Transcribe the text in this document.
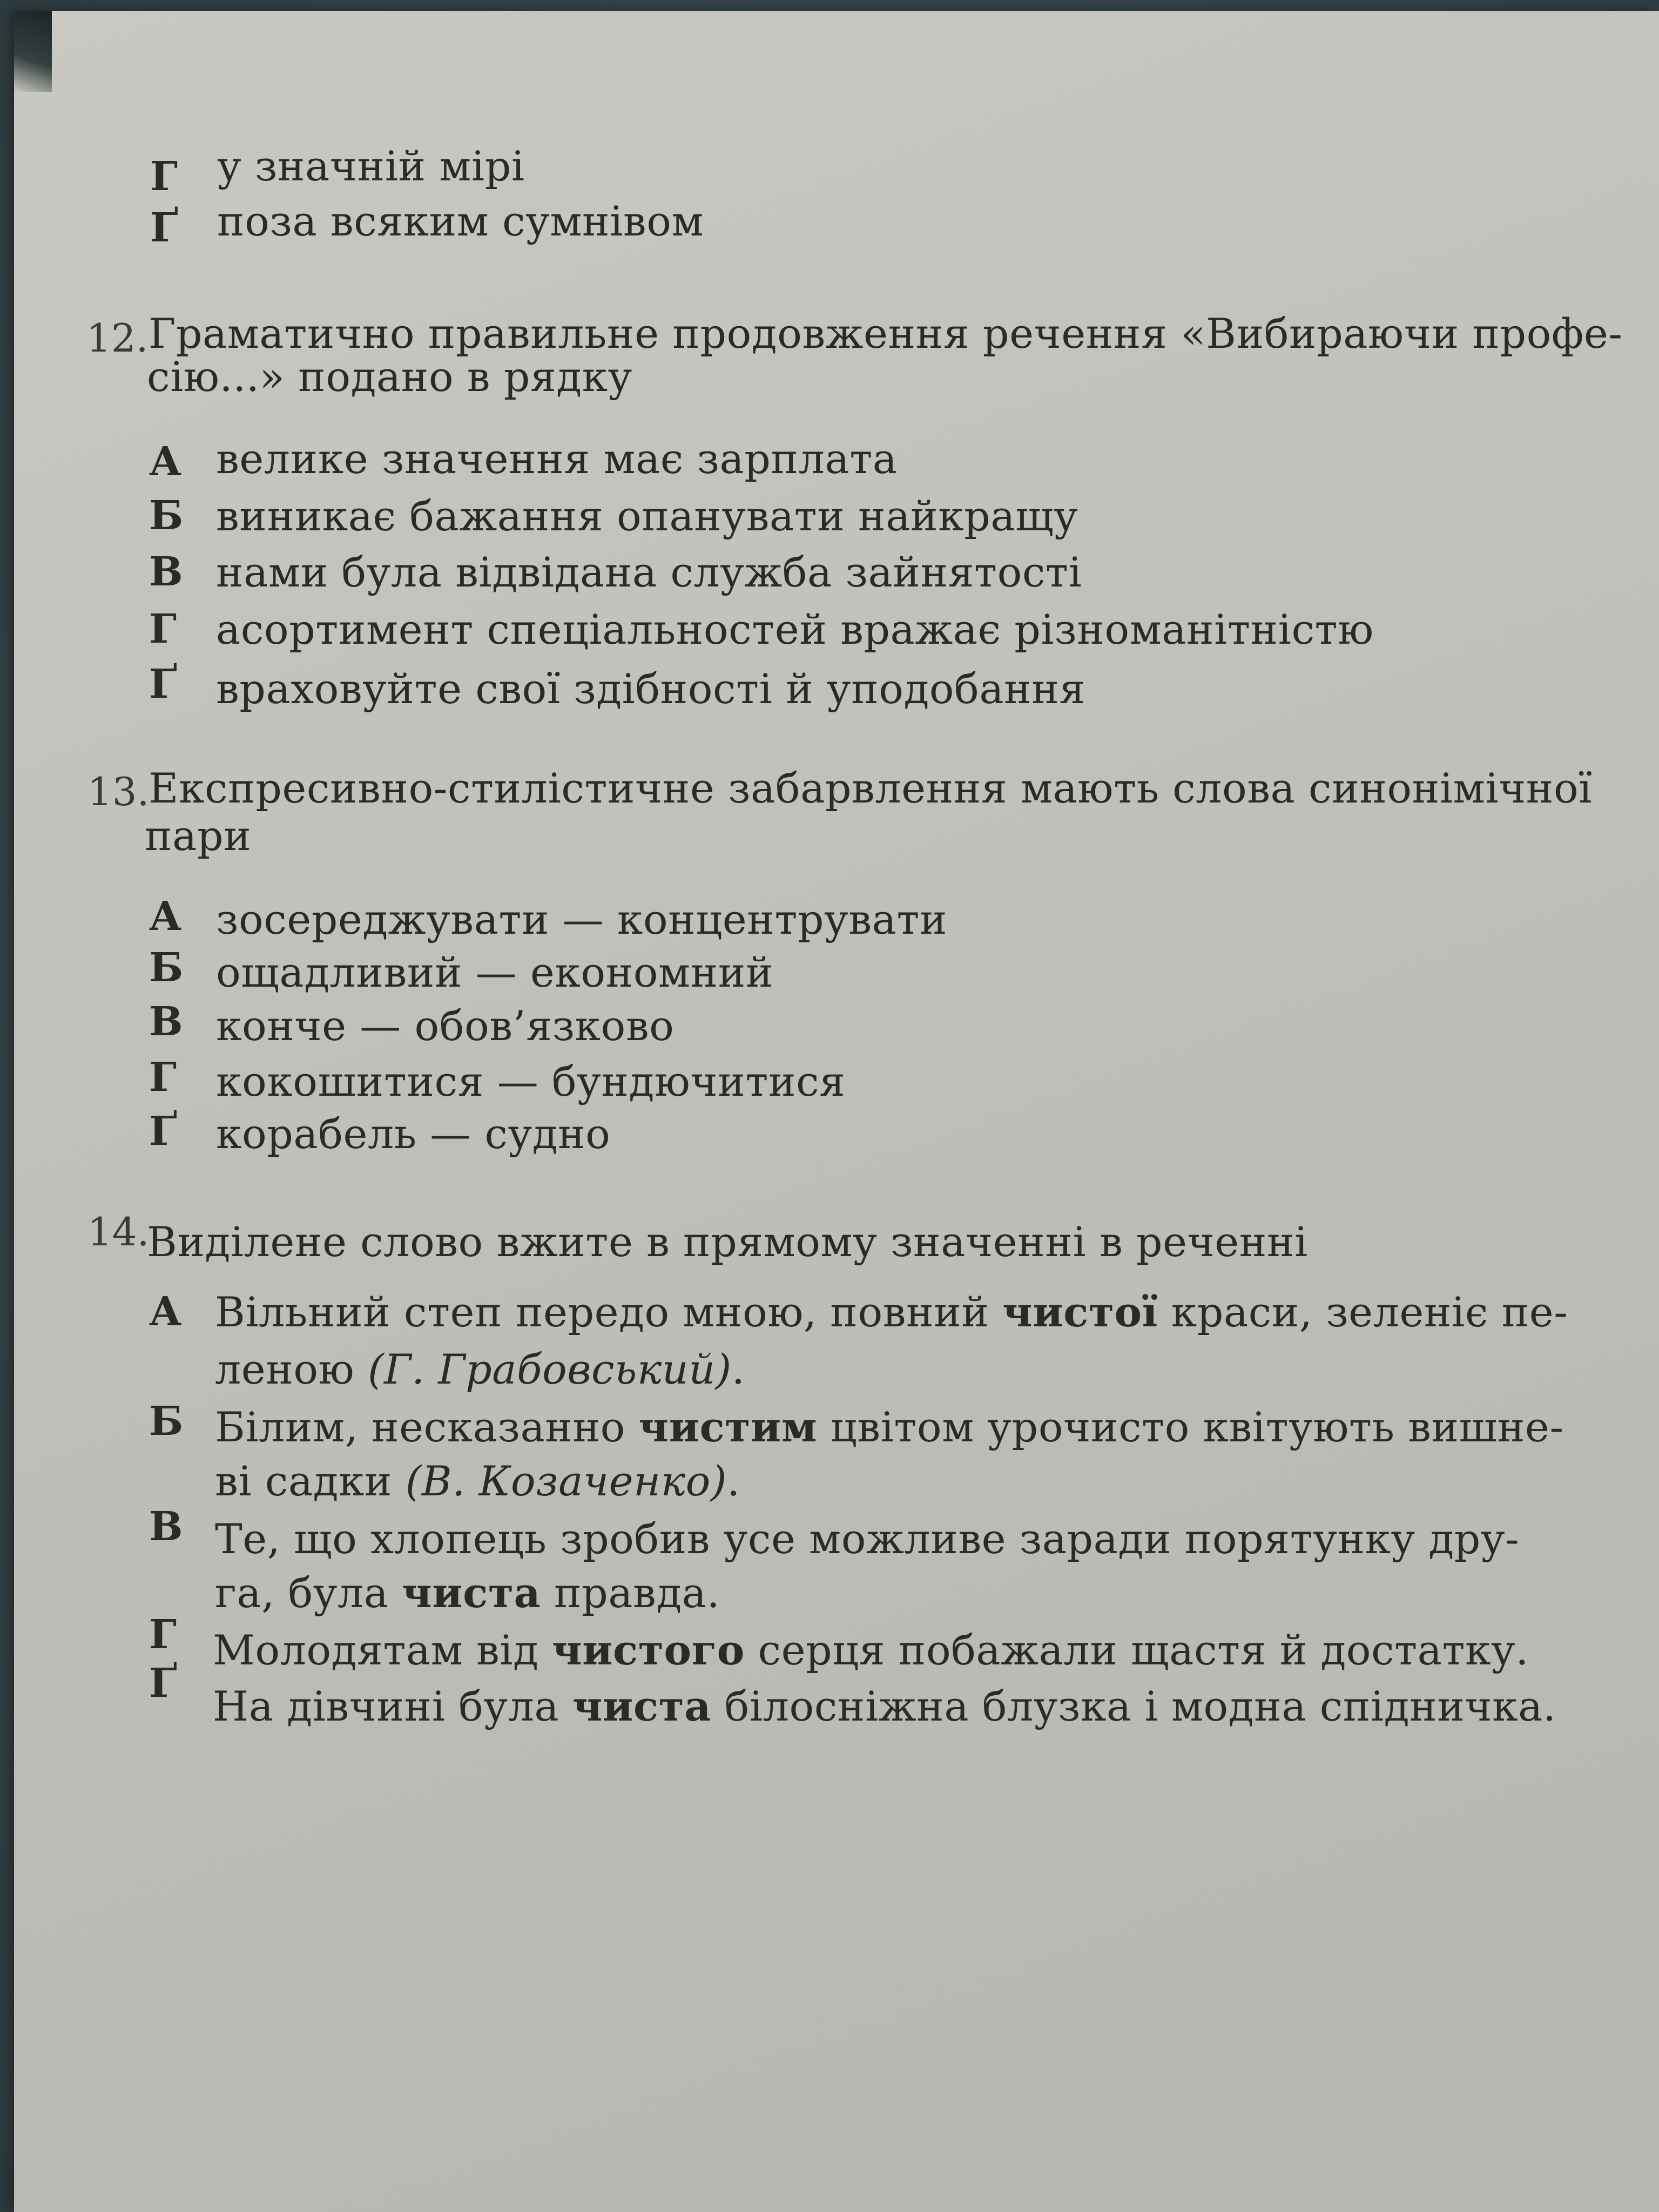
Г у значній мірі
Ґ поза всяким сумнівом
12. Граматично правильне продовження речення «Вибираючи профе-
сію...» подано в рядку
А велике значення має зарплата
Б виникає бажання опанувати найкращу
В нами була відвідана служба зайнятості
Г асортимент спеціальностей вражає різноманітністю
Ґ враховуйте свої здібності й уподобання
13.
Експресивно-стилістичне забарвлення мають слова синонімічної
пари
А зосереджувати — концентрувати
Б ощадливий — економний
В конче — обов’язково
Г кокошитися — бундючитися
Ґ корабель — судно
14.
Виділене слово вжите в прямому значенні в реченні
А Вільний степ передо мною, повний чистої краси, зеленіє пе-
леною (Г. Грабовський).
Б Білим, несказанно чистим цвітом урочисто квітують вишне-
ві садки (В. Козаченко).
В Те, що хлопець зробив усе можливе заради порятунку дру-
га, була чиста правда.
Г Молодятам від чистого серця побажали щастя й достатку.
Ґ На дівчині була чиста білосніжна блузка і модна спідничка.
